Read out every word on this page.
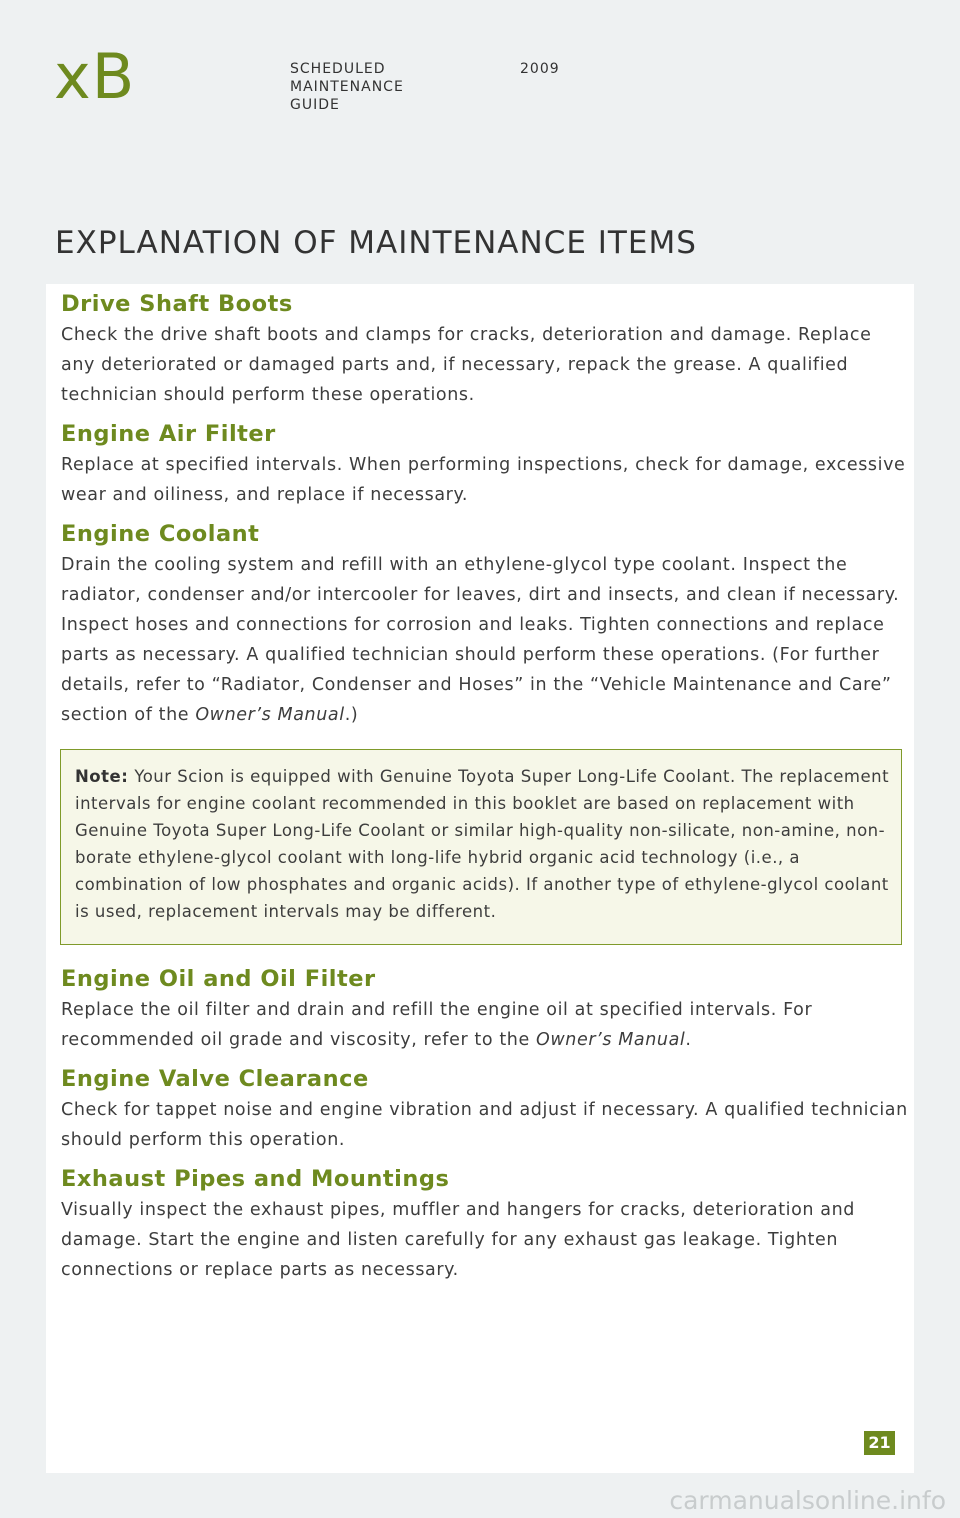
xB	SCHEDULED
MAINTENANCE
GUIDE
2009
EXPLANATION OF MAINTENANCE ITEMS
Drive Shaft Boots

Check the drive shaft boots and clamps for cracks, deterioration and damage. Replace any deteriorated or damaged parts and, if necessary, repack the grease. A qualified technician should perform these operations.

Engine Air Filter

Replace at specified intervals. When performing inspections, check for damage, excessive wear and oiliness, and replace if necessary.

Engine Coolant

Drain the cooling system and refill with an ethylene-glycol type coolant. Inspect the radiator, condenser and/or intercooler for leaves, dirt and insects, and clean if necessary. Inspect hoses and connections for corrosion and leaks. Tighten connections and replace parts as necessary. A qualified technician should perform these operations. (For further details, refer to “Radiator, Condenser and Hoses” in the “Vehicle Maintenance and Care” section of the Owner’s Manual.)

Note: Your Scion is equipped with Genuine Toyota Super Long-Life Coolant. The replacement intervals for engine coolant recommended in this booklet are based on replacement with Genuine Toyota Super Long-Life Coolant or similar high-quality non-silicate, non-amine, non-borate ethylene-glycol coolant with long-life hybrid organic acid technology (i.e., a combination of low phosphates and organic acids). If another type of ethylene-glycol coolant is used, replacement intervals may be different.
Engine Oil and Oil Filter

Replace the oil filter and drain and refill the engine oil at specified intervals. For recommended oil grade and viscosity, refer to the Owner’s Manual.

Engine Valve Clearance

Check for tappet noise and engine vibration and adjust if necessary. A qualified technician should perform this operation.

Exhaust Pipes and Mountings

Visually inspect the exhaust pipes, muffler and hangers for cracks, deterioration and damage. Start the engine and listen carefully for any exhaust gas leakage. Tighten connections or replace parts as necessary.

21
carmanualsonline.info
